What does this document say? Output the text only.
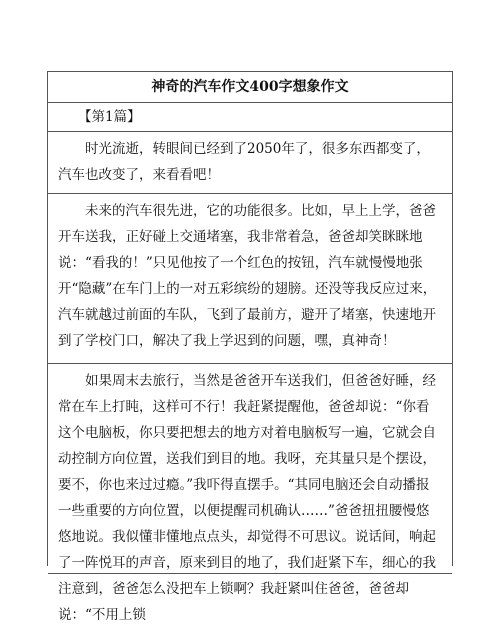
神奇的汽车作文400字想象作文
【第1篇】
时光流逝，转眼间已经到了2050年了，很多东西都变了，汽车也改变了，来看看吧！
未来的汽车很先进，它的功能很多。比如，早上上学，爸爸开车送我，正好碰上交通堵塞，我非常着急，爸爸却笑眯眯地说：“看我的！”只见他按了一个红色的按钮，汽车就慢慢地张开“隐藏”在车门上的一对五彩缤纷的翅膀。还没等我反应过来，汽车就越过前面的车队，飞到了最前方，避开了堵塞，快速地开到了学校门口，解决了我上学迟到的问题，嘿，真神奇！
如果周末去旅行，当然是爸爸开车送我们，但爸爸好睡，经常在车上打盹，这样可不行！我赶紧提醒他，爸爸却说：“你看这个电脑板，你只要把想去的地方对着电脑板写一遍，它就会自动控制方向位置，送我们到目的地。我呀，充其量只是个摆设，要不，你也来过过瘾。”我吓得直摆手。“其同电脑还会自动播报一些重要的方向位置，以便提醒司机确认……”爸爸扭扭腰慢悠悠地说。我似懂非懂地点点头，却觉得不可思议。说话间，响起了一阵悦耳的声音，原来到目的地了，我们赶紧下车，细心的我注意到，爸爸怎么没把车上锁啊？我赶紧叫住爸爸，爸爸却说：“不用上锁
